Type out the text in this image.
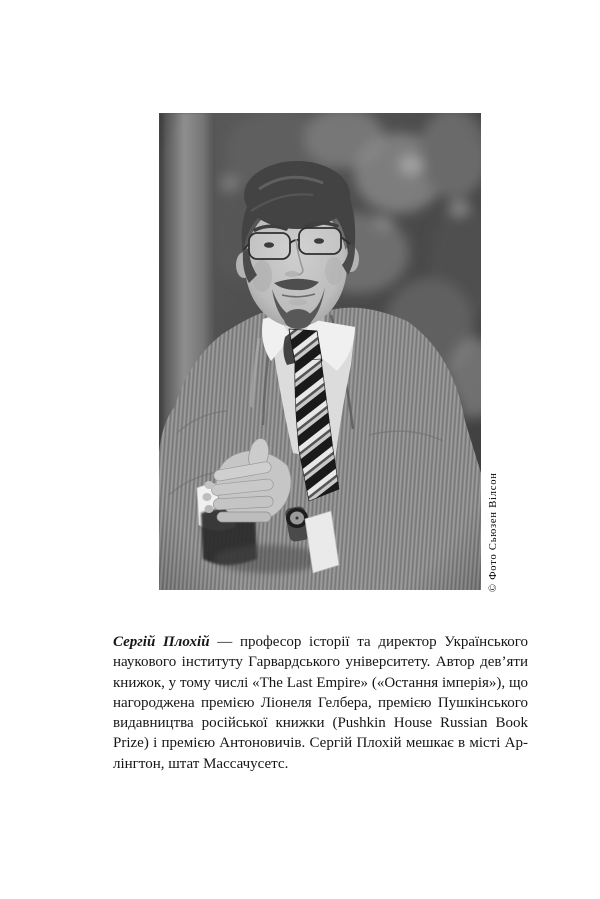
© Фото Сьюзен Вілсон
Сергій Плохій — професор історії та директор Українського
наукового інституту Гарвардського університету. Автор дев’яти
книжок, у тому числі «The Last Empire» («Остання імперія»), що
нагороджена премією Ліонеля Гелбера, премією Пушкінського
видавництва російської книжки (Pushkin House Russian Book
Prize) і премією Антоновичів. Сергій Плохій мешкає в місті Ар-
лінгтон, штат Массачусетс.
